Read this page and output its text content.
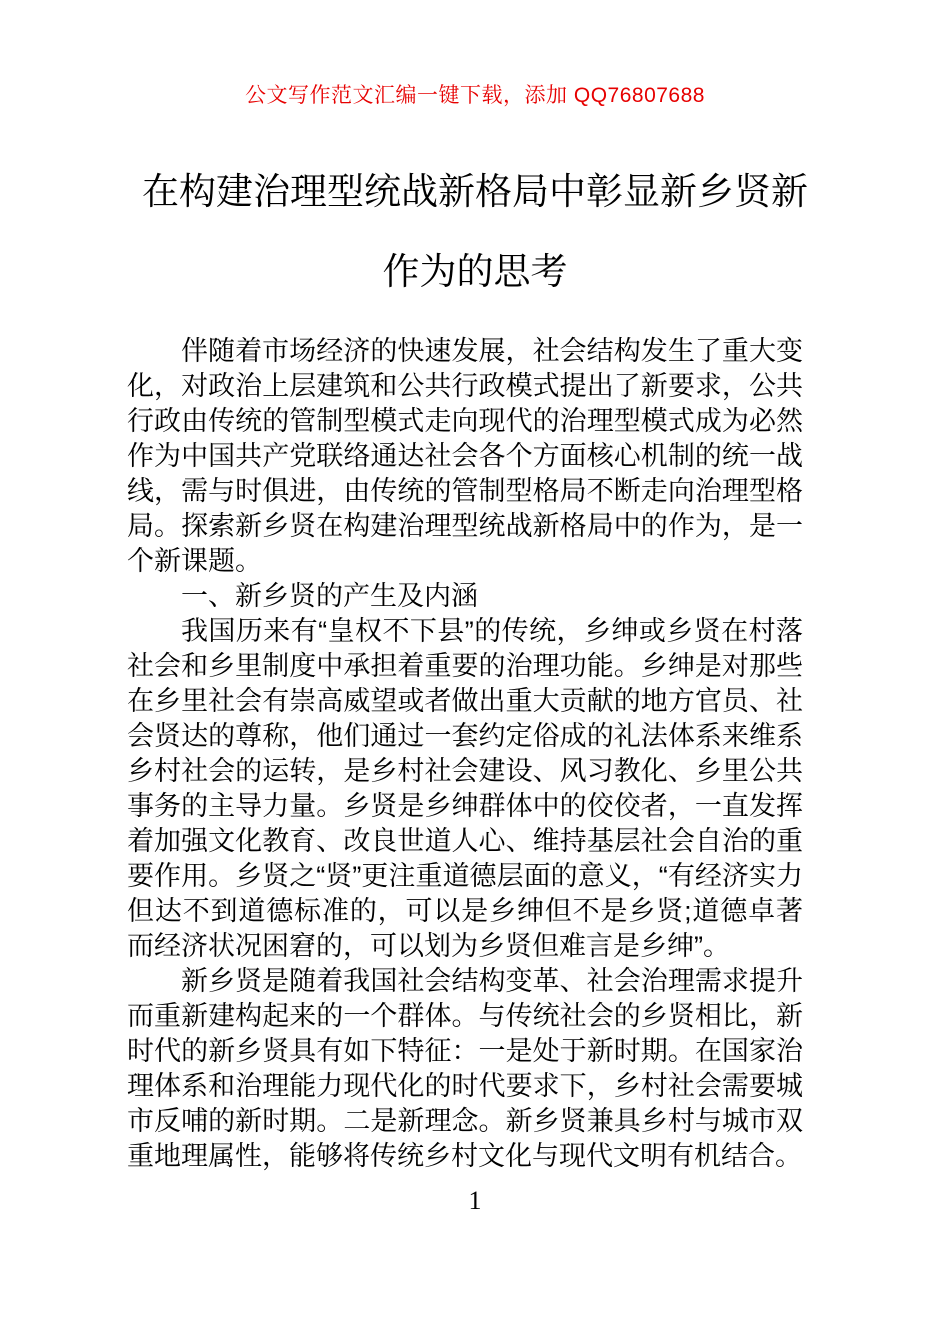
公文写作范文汇编一键下载，添加 QQ76807688
在构建治理型统战新格局中彰显新乡贤新
作为的思考

伴随着市场经济的快速发展，社会结构发生了重大变化，对政治上层建筑和公共行政模式提出了新要求，公共行政由传统的管制型模式走向现代的治理型模式成为必然作为中国共产党联络通达社会各个方面核心机制的统一战线，需与时俱进，由传统的管制型格局不断走向治理型格局。探索新乡贤在构建治理型统战新格局中的作为，是一个新课题。

一、新乡贤的产生及内涵

我国历来有“皇权不下县”的传统，乡绅或乡贤在村落社会和乡里制度中承担着重要的治理功能。乡绅是对那些在乡里社会有崇高威望或者做出重大贡献的地方官员、社会贤达的尊称，他们通过一套约定俗成的礼法体系来维系乡村社会的运转，是乡村社会建设、风习教化、乡里公共事务的主导力量。乡贤是乡绅群体中的佼佼者，一直发挥着加强文化教育、改良世道人心、维持基层社会自治的重要作用。乡贤之“贤”更注重道德层面的意义，“有经济实力但达不到道德标准的，可以是乡绅但不是乡贤;道德卓著而经济状况困窘的，可以划为乡贤但难言是乡绅”。

新乡贤是随着我国社会结构变革、社会治理需求提升而重新建构起来的一个群体。与传统社会的乡贤相比，新时代的新乡贤具有如下特征：一是处于新时期。在国家治理体系和治理能力现代化的时代要求下，乡村社会需要城市反哺的新时期。二是新理念。新乡贤兼具乡村与城市双重地理属性，能够将传统乡村文化与现代文明有机结合。

1
